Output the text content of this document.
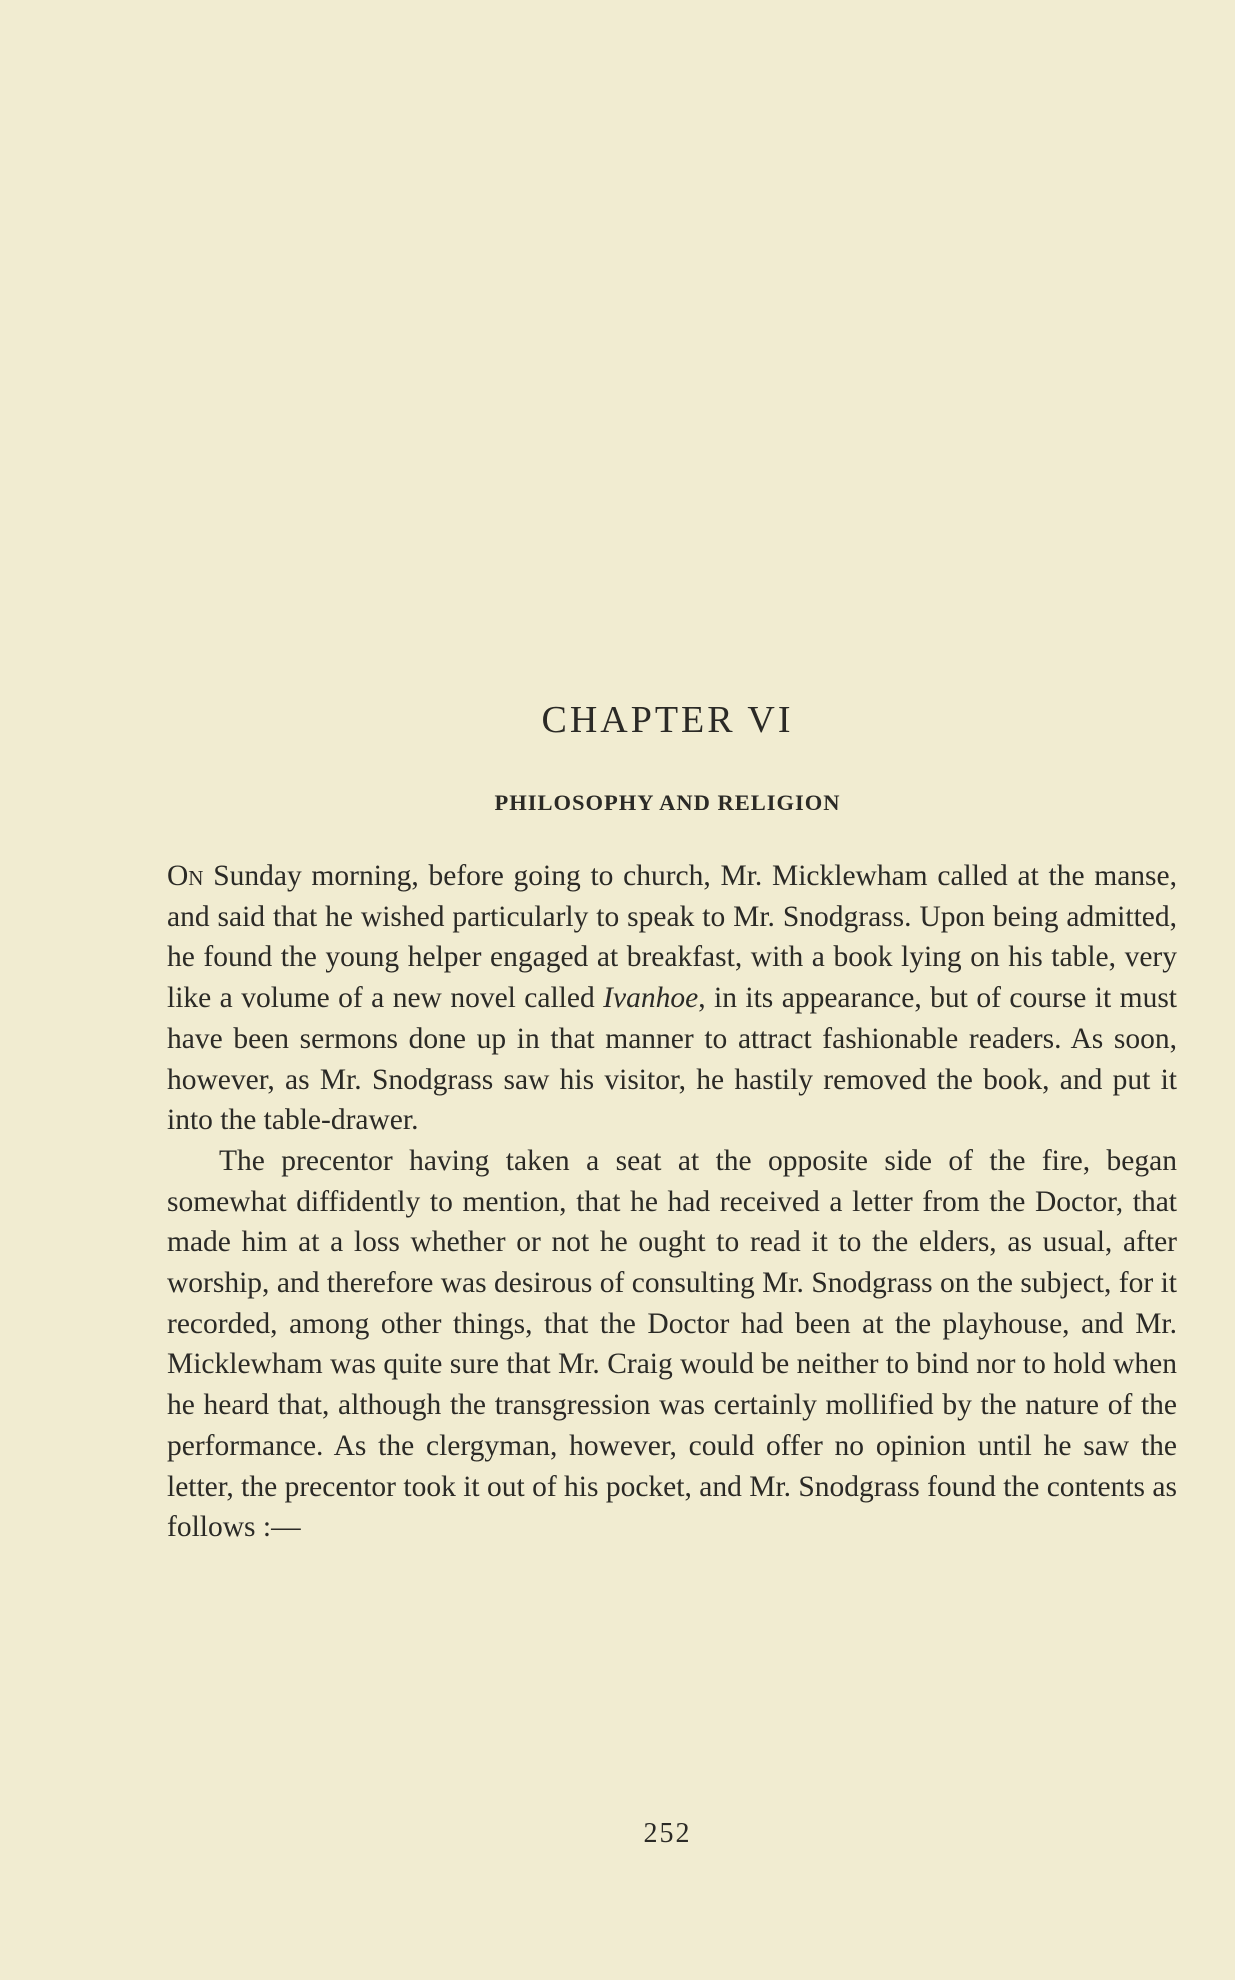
CHAPTER VI
PHILOSOPHY AND RELIGION

On Sunday morning, before going to church, Mr. Micklewham called at the manse, and said that he wished particularly to speak to Mr. Snodgrass. Upon being admitted, he found the young helper engaged at breakfast, with a book lying on his table, very like a volume of a new novel called Ivanhoe, in its appearance, but of course it must have been sermons done up in that manner to attract fashionable readers. As soon, however, as Mr. Snodgrass saw his visitor, he hastily removed the book, and put it into the table-drawer.

The precentor having taken a seat at the opposite side of the fire, began somewhat diffidently to mention, that he had received a letter from the Doctor, that made him at a loss whether or not he ought to read it to the elders, as usual, after worship, and therefore was desirous of consulting Mr. Snodgrass on the subject, for it recorded, among other things, that the Doctor had been at the playhouse, and Mr. Micklewham was quite sure that Mr. Craig would be neither to bind nor to hold when he heard that, although the transgression was certainly mollified by the nature of the performance. As the clergyman, however, could offer no opinion until he saw the letter, the precentor took it out of his pocket, and Mr. Snodgrass found the contents as follows :—

252
